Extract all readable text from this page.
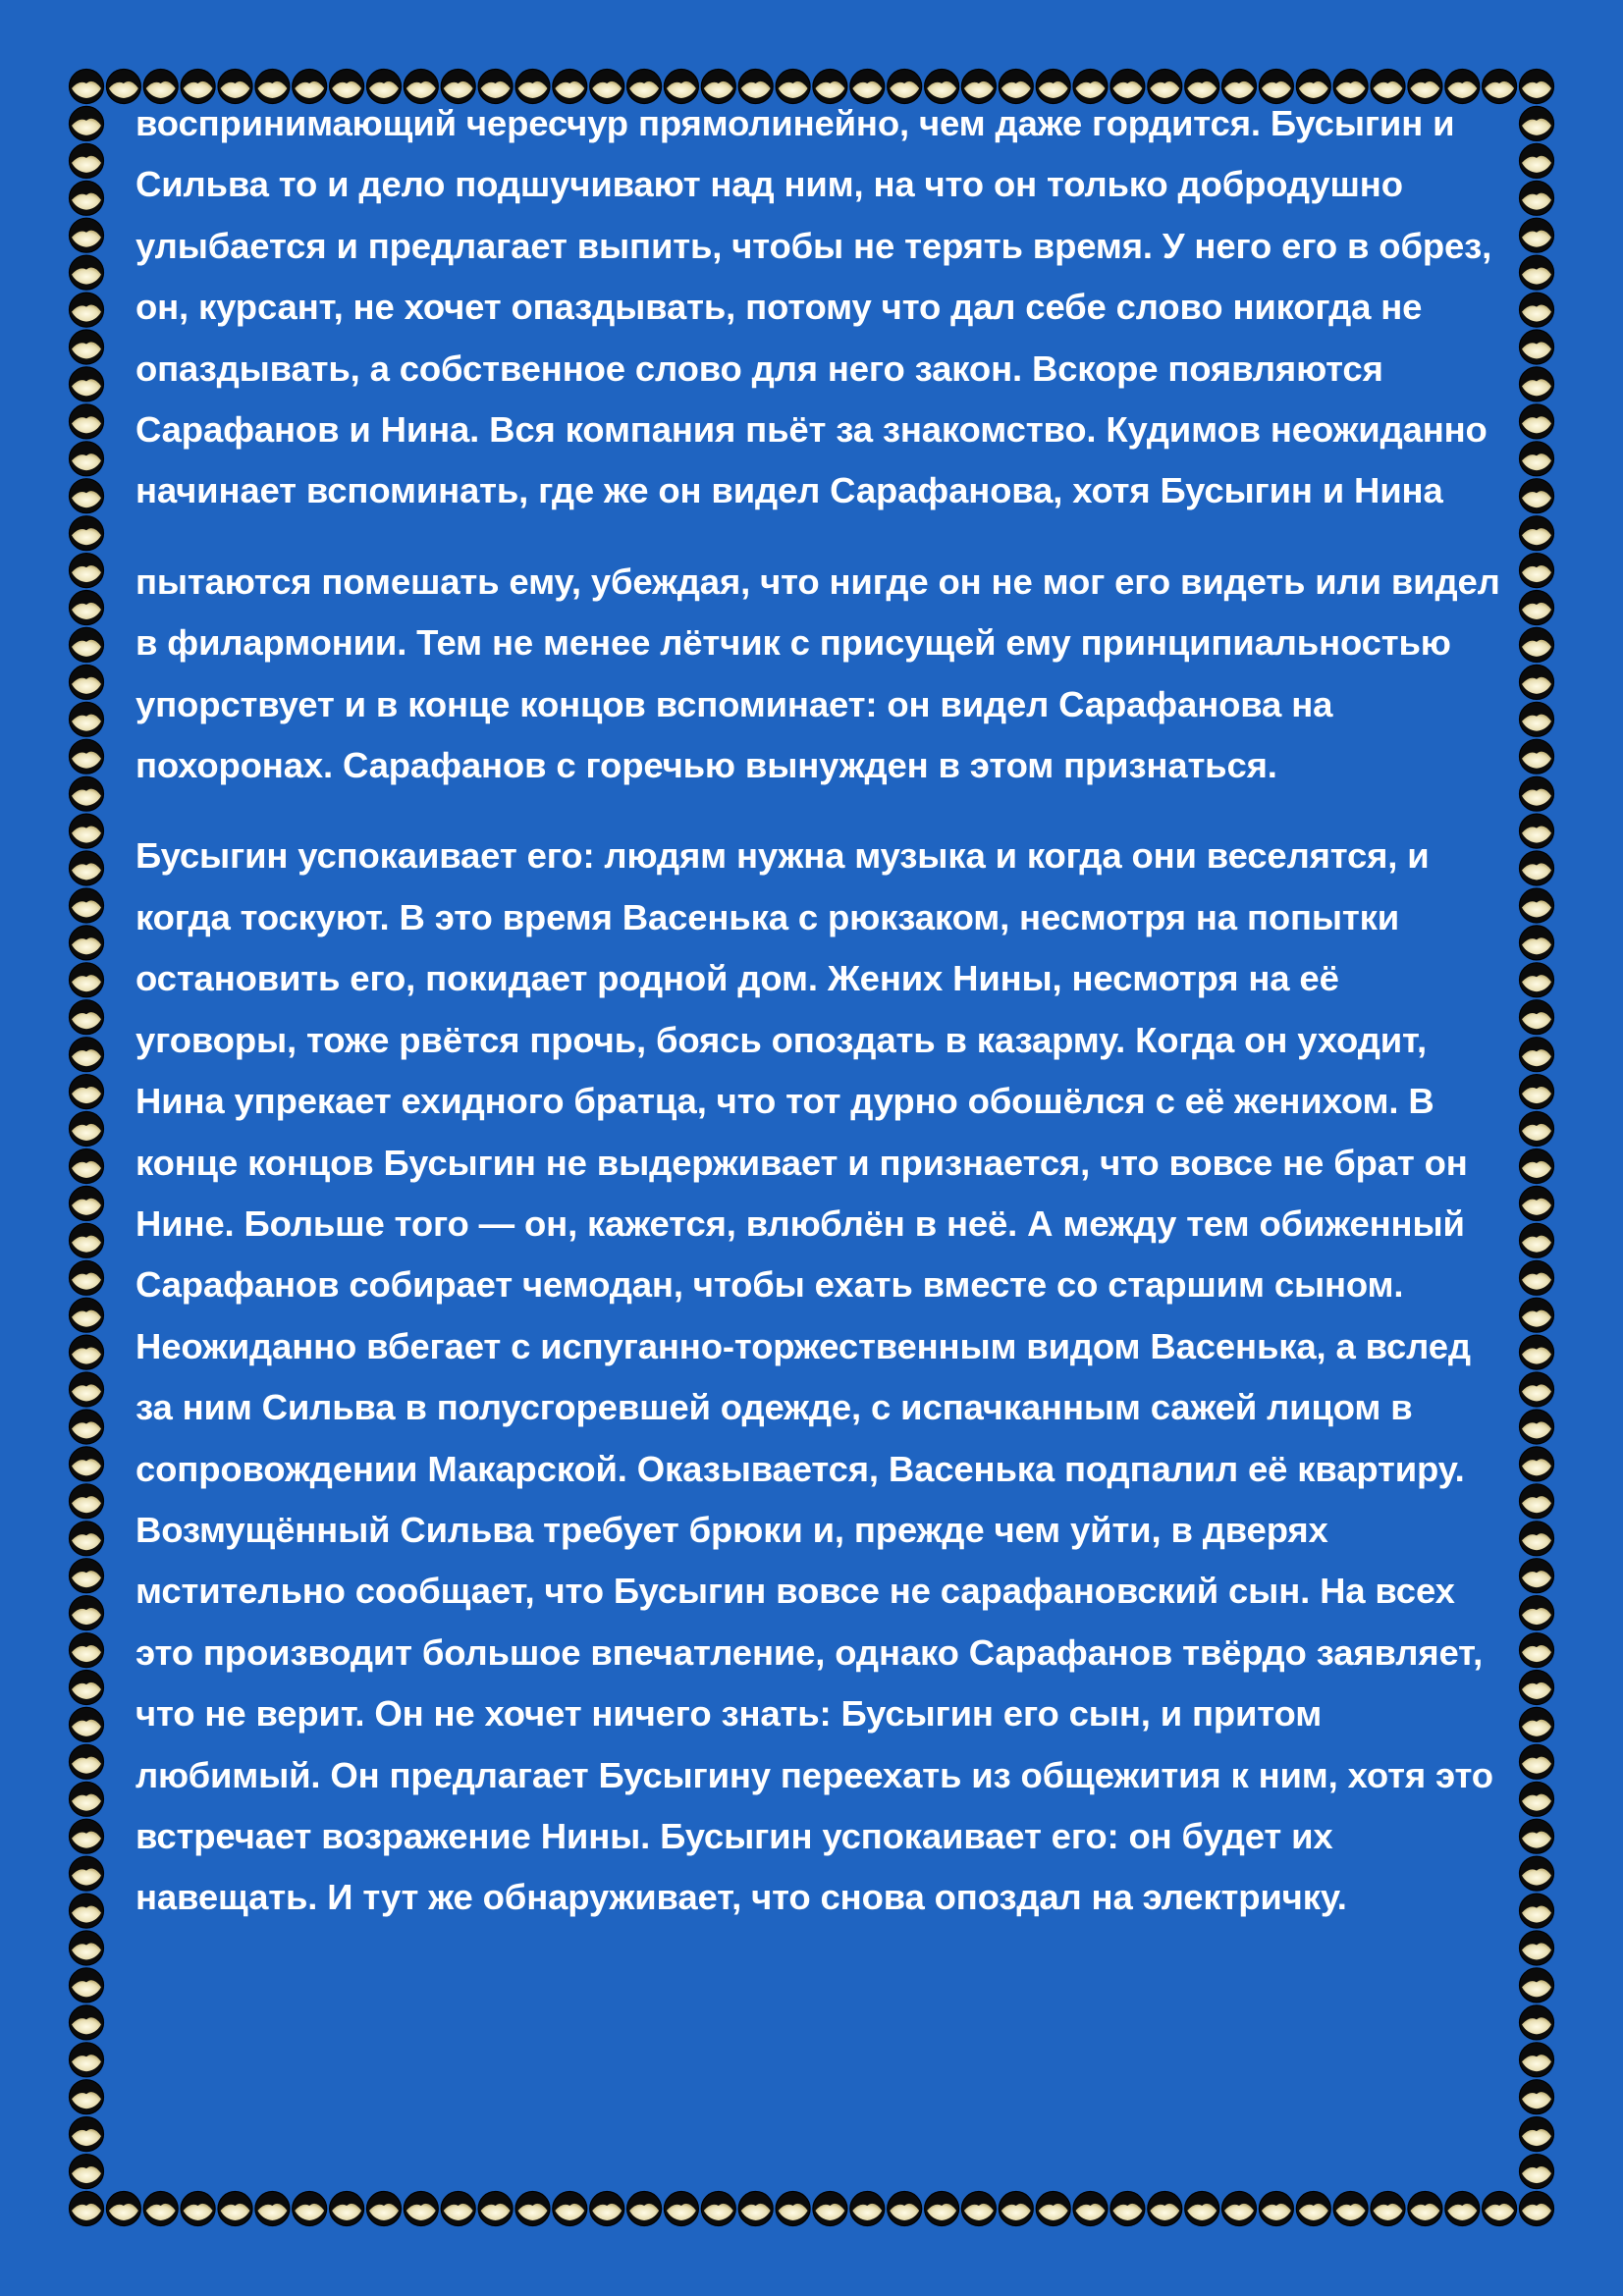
воспринимающий чересчур прямолинейно, чем даже гордится. Бусыгин и Сильва то и дело подшучивают над ним, на что он только добродушно улыбается и предлагает выпить, чтобы не терять время. У него его в обрез, он, курсант, не хочет опаздывать, потому что дал себе слово никогда не опаздывать, а собственное слово для него закон. Вскоре появляются Сарафанов и Нина. Вся компания пьёт за знакомство. Кудимов неожиданно начинает вспоминать, где же он видел Сарафанова, хотя Бусыгин и Нина

пытаются помешать ему, убеждая, что нигде он не мог его видеть или видел в филармонии. Тем не менее лётчик с присущей ему принципиальностью упорствует и в конце концов вспоминает: он видел Сарафанова на похоронах. Сарафанов с горечью вынужден в этом признаться.

Бусыгин успокаивает его: людям нужна музыка и когда они веселятся, и когда тоскуют. В это время Васенька с рюкзаком, несмотря на попытки остановить его, покидает родной дом. Жених Нины, несмотря на её уговоры, тоже рвётся прочь, боясь опоздать в казарму. Когда он уходит, Нина упрекает ехидного братца, что тот дурно обошёлся с её женихом. В конце концов Бусыгин не выдерживает и признается, что вовсе не брат он Нине. Больше того — он, кажется, влюблён в неё. А между тем обиженный Сарафанов собирает чемодан, чтобы ехать вместе со старшим сыном. Неожиданно вбегает с испуганно-торжественным видом Васенька, а вслед за ним Сильва в полусгоревшей одежде, с испачканным сажей лицом в сопровождении Макарской. Оказывается, Васенька подпалил её квартиру. Возмущённый Сильва требует брюки и, прежде чем уйти, в дверях мстительно сообщает, что Бусыгин вовсе не сарафановский сын. На всех это производит большое впечатление, однако Сарафанов твёрдо заявляет, что не верит. Он не хочет ничего знать: Бусыгин его сын, и притом любимый. Он предлагает Бусыгину переехать из общежития к ним, хотя это встречает возражение Нины. Бусыгин успокаивает его: он будет их навещать. И тут же обнаруживает, что снова опоздал на электричку.
